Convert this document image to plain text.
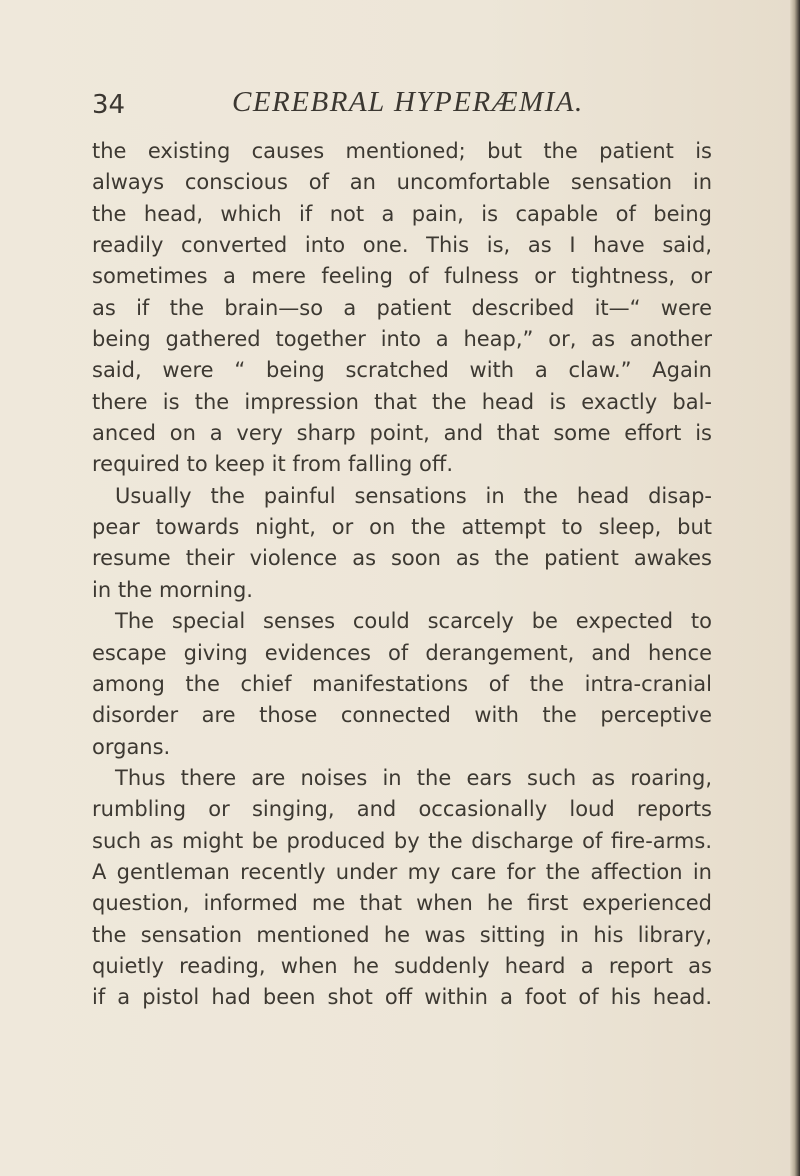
34	CEREBRAL HYPERÆMIA.
the existing causes mentioned; but the patient is
always conscious of an uncomfortable sensation in
the head, which if not a pain, is capable of being
readily converted into one. This is, as I have said,
sometimes a mere feeling of fulness or tightness, or
as if the brain—so a patient described it—“ were
being gathered together into a heap,” or, as another
said, were “ being scratched with a claw.” Again
there is the impression that the head is exactly bal-
anced on a very sharp point, and that some effort is
required to keep it from falling off.
Usually the painful sensations in the head disap-
pear towards night, or on the attempt to sleep, but
resume their violence as soon as the patient awakes
in the morning.
The special senses could scarcely be expected to
escape giving evidences of derangement, and hence
among the chief manifestations of the intra-cranial
disorder are those connected with the perceptive
organs.
Thus there are noises in the ears such as roaring,
rumbling or singing, and occasionally loud reports
such as might be produced by the discharge of fire-arms.
A gentleman recently under my care for the affection in
question, informed me that when he first experienced
the sensation mentioned he was sitting in his library,
quietly reading, when he suddenly heard a report as
if a pistol had been shot off within a foot of his head.
